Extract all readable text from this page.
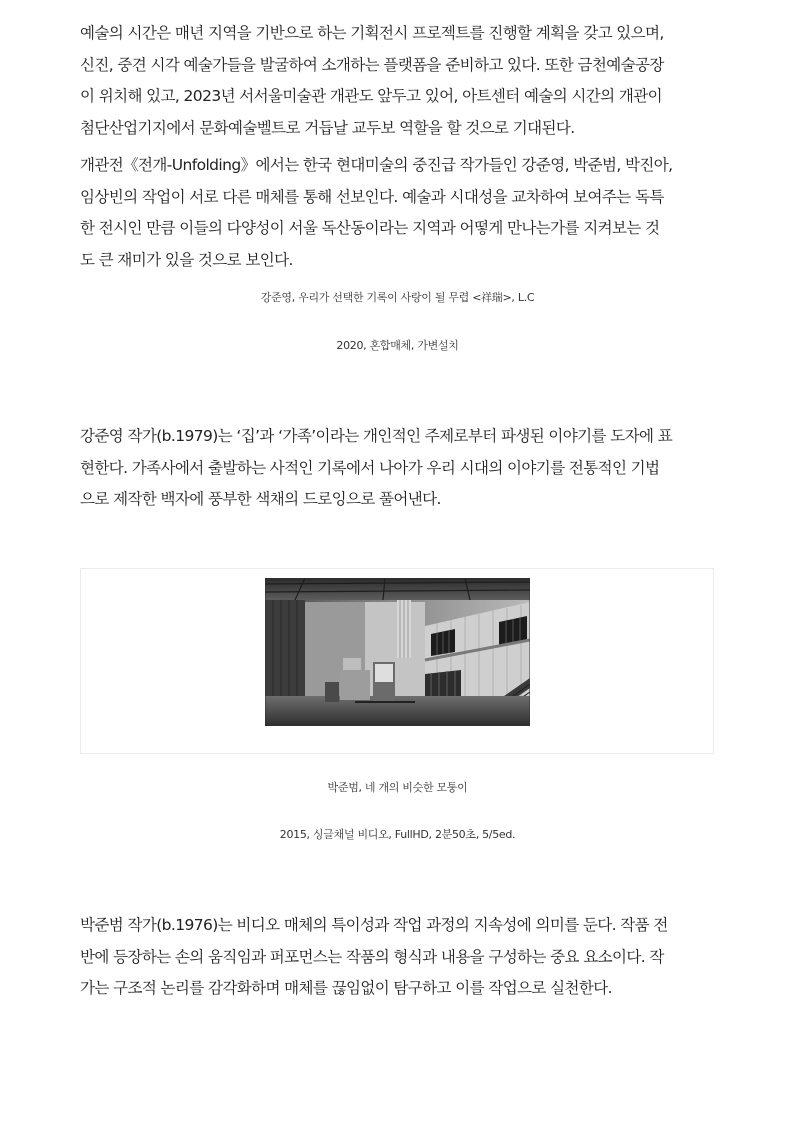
예술의 시간은 매년 지역을 기반으로 하는 기획전시 프로젝트를 진행할 계획을 갖고 있으며,
신진, 중견 시각 예술가들을 발굴하여 소개하는 플랫폼을 준비하고 있다. 또한 금천예술공장
이 위치해 있고, 2023년 서서울미술관 개관도 앞두고 있어, 아트센터 예술의 시간의 개관이
첨단산업기지에서 문화예술벨트로 거듭날 교두보 역할을 할 것으로 기대된다.

개관전《전개-Unfolding》에서는 한국 현대미술의 중진급 작가들인 강준영, 박준범, 박진아,
임상빈의 작업이 서로 다른 매체를 통해 선보인다. 예술과 시대성을 교차하여 보여주는 독특
한 전시인 만큼 이들의 다양성이 서울 독산동이라는 지역과 어떻게 만나는가를 지켜보는 것
도 큰 재미가 있을 것으로 보인다.

강준영, 우리가 선택한 기록이 사랑이 될 무렵 <祥瑞>, L.C

2020, 혼합매체, 가변설치

강준영 작가(b.1979)는 ‘집’과 ‘가족’이라는 개인적인 주제로부터 파생된 이야기를 도자에 표
현한다. 가족사에서 출발하는 사적인 기록에서 나아가 우리 시대의 이야기를 전통적인 기법
으로 제작한 백자에 풍부한 색채의 드로잉으로 풀어낸다.

박준범, 네 개의 비슷한 모퉁이

2015, 싱글채널 비디오, FullHD, 2분50초, 5/5ed.

박준범 작가(b.1976)는 비디오 매체의 특이성과 작업 과정의 지속성에 의미를 둔다. 작품 전
반에 등장하는 손의 움직임과 퍼포먼스는 작품의 형식과 내용을 구성하는 중요 요소이다. 작
가는 구조적 논리를 감각화하며 매체를 끊임없이 탐구하고 이를 작업으로 실천한다.
